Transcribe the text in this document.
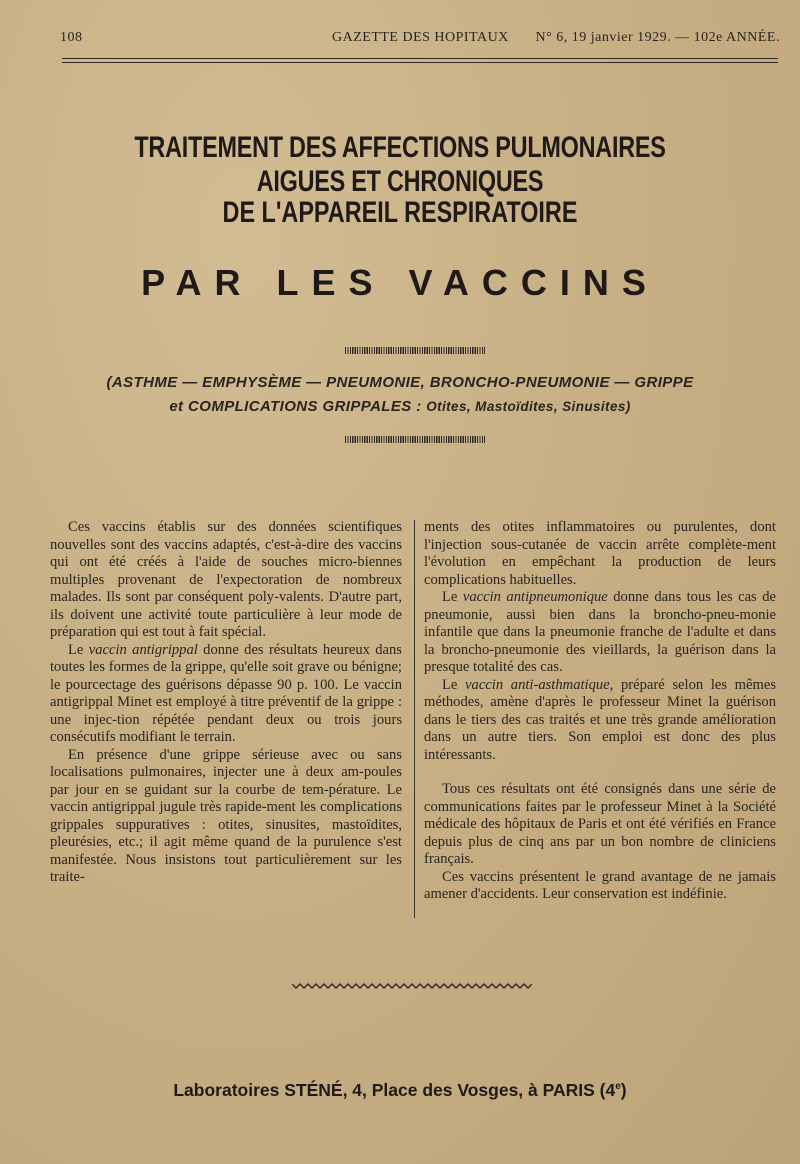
108	GAZETTE DES HOPITAUX N° 6, 19 janvier 1929. — 102e ANNÉE.
TRAITEMENT DES AFFECTIONS PULMONAIRES AIGUES ET CHRONIQUES
DE L'APPAREIL RESPIRATOIRE
PAR LES VACCINS
(ASTHME — EMPHYSÈME — PNEUMONIE, BRONCHO-PNEUMONIE — GRIPPE
et COMPLICATIONS GRIPPALES : Otites, Mastoïdites, Sinusites)

Ces vaccins établis sur des données scientifiques nouvelles sont des vaccins adaptés, c'est-à-dire des vaccins qui ont été créés à l'aide de souches micro-biennes multiples provenant de l'expectoration de nombreux malades. Ils sont par conséquent poly-valents. D'autre part, ils doivent une activité toute particulière à leur mode de préparation qui est tout à fait spécial.

Le vaccin antigrippal donne des résultats heureux dans toutes les formes de la grippe, qu'elle soit grave ou bénigne; le pourcectage des guérisons dépasse 90 p. 100. Le vaccin antigrippal Minet est employé à titre préventif de la grippe : une injec-tion répétée pendant deux ou trois jours consécutifs modifiant le terrain.

En présence d'une grippe sérieuse avec ou sans localisations pulmonaires, injecter une à deux am-poules par jour en se guidant sur la courbe de tem-pérature. Le vaccin antigrippal jugule très rapide-ment les complications grippales suppuratives : otites, sinusites, mastoïdites, pleurésies, etc.; il agit même quand de la purulence s'est manifestée. Nous insistons tout particulièrement sur les traite-

ments des otites inflammatoires ou purulentes, dont l'injection sous-cutanée de vaccin arrête complète-ment l'évolution en empêchant la production de leurs complications habituelles.

Le vaccin antipneumonique donne dans tous les cas de pneumonie, aussi bien dans la broncho-pneu-monie infantile que dans la pneumonie franche de l'adulte et dans la broncho-pneumonie des vieillards, la guérison dans la presque totalité des cas.

Le vaccin anti-asthmatique, préparé selon les mêmes méthodes, amène d'après le professeur Minet la guérison dans le tiers des cas traités et une très grande amélioration dans un autre tiers. Son emploi est donc des plus intéressants.

Tous ces résultats ont été consignés dans une série de communications faites par le professeur Minet à la Société médicale des hôpitaux de Paris et ont été vérifiés en France depuis plus de cinq ans par un bon nombre de cliniciens français.

Ces vaccins présentent le grand avantage de ne jamais amener d'accidents. Leur conservation est indéfinie.

Laboratoires STÉNÉ, 4, Place des Vosges, à PARIS (4e)
